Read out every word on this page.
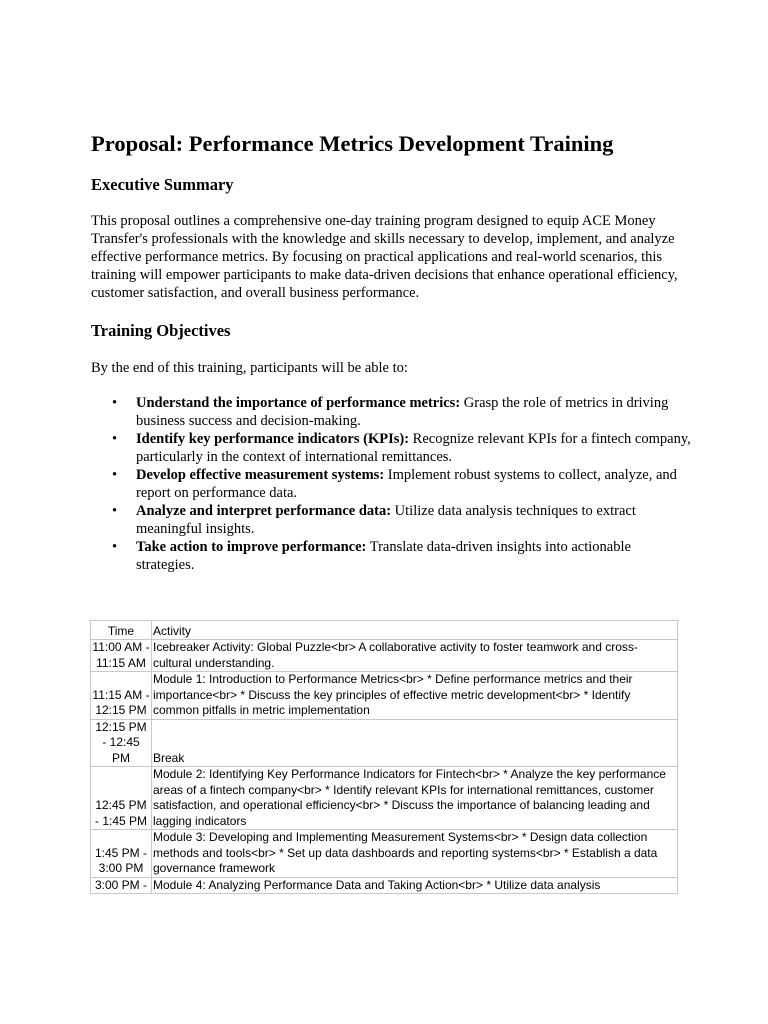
Proposal: Performance Metrics Development Training
Executive Summary

This proposal outlines a comprehensive one-day training program designed to equip ACE Money Transfer's professionals with the knowledge and skills necessary to develop, implement, and analyze effective performance metrics. By focusing on practical applications and real-world scenarios, this training will empower participants to make data-driven decisions that enhance operational efficiency, customer satisfaction, and overall business performance.

Training Objectives

By the end of this training, participants will be able to:

• Understand the importance of performance metrics: Grasp the role of metrics in driving business success and decision-making.
• Identify key performance indicators (KPIs): Recognize relevant KPIs for a fintech company, particularly in the context of international remittances.
• Develop effective measurement systems: Implement robust systems to collect, analyze, and report on performance data.
• Analyze and interpret performance data: Utilize data analysis techniques to extract meaningful insights.
• Take action to improve performance: Translate data-driven insights into actionable strategies.
Time	Activity
11:00 AM - 11:15 AM	Icebreaker Activity: Global Puzzle<br> A collaborative activity to foster teamwork and cross-cultural understanding.
11:15 AM - 12:15 PM	Module 1: Introduction to Performance Metrics<br> * Define performance metrics and their importance<br> * Discuss the key principles of effective metric development<br> * Identify common pitfalls in metric implementation
12:15 PM - 12:45 PM	Break
12:45 PM - 1:45 PM	Module 2: Identifying Key Performance Indicators for Fintech<br> * Analyze the key performance areas of a fintech company<br> * Identify relevant KPIs for international remittances, customer satisfaction, and operational efficiency<br> * Discuss the importance of balancing leading and lagging indicators
1:45 PM - 3:00 PM	Module 3: Developing and Implementing Measurement Systems<br> * Design data collection methods and tools<br> * Set up data dashboards and reporting systems<br> * Establish a data governance framework
3:00 PM -	Module 4: Analyzing Performance Data and Taking Action<br> * Utilize data analysis
